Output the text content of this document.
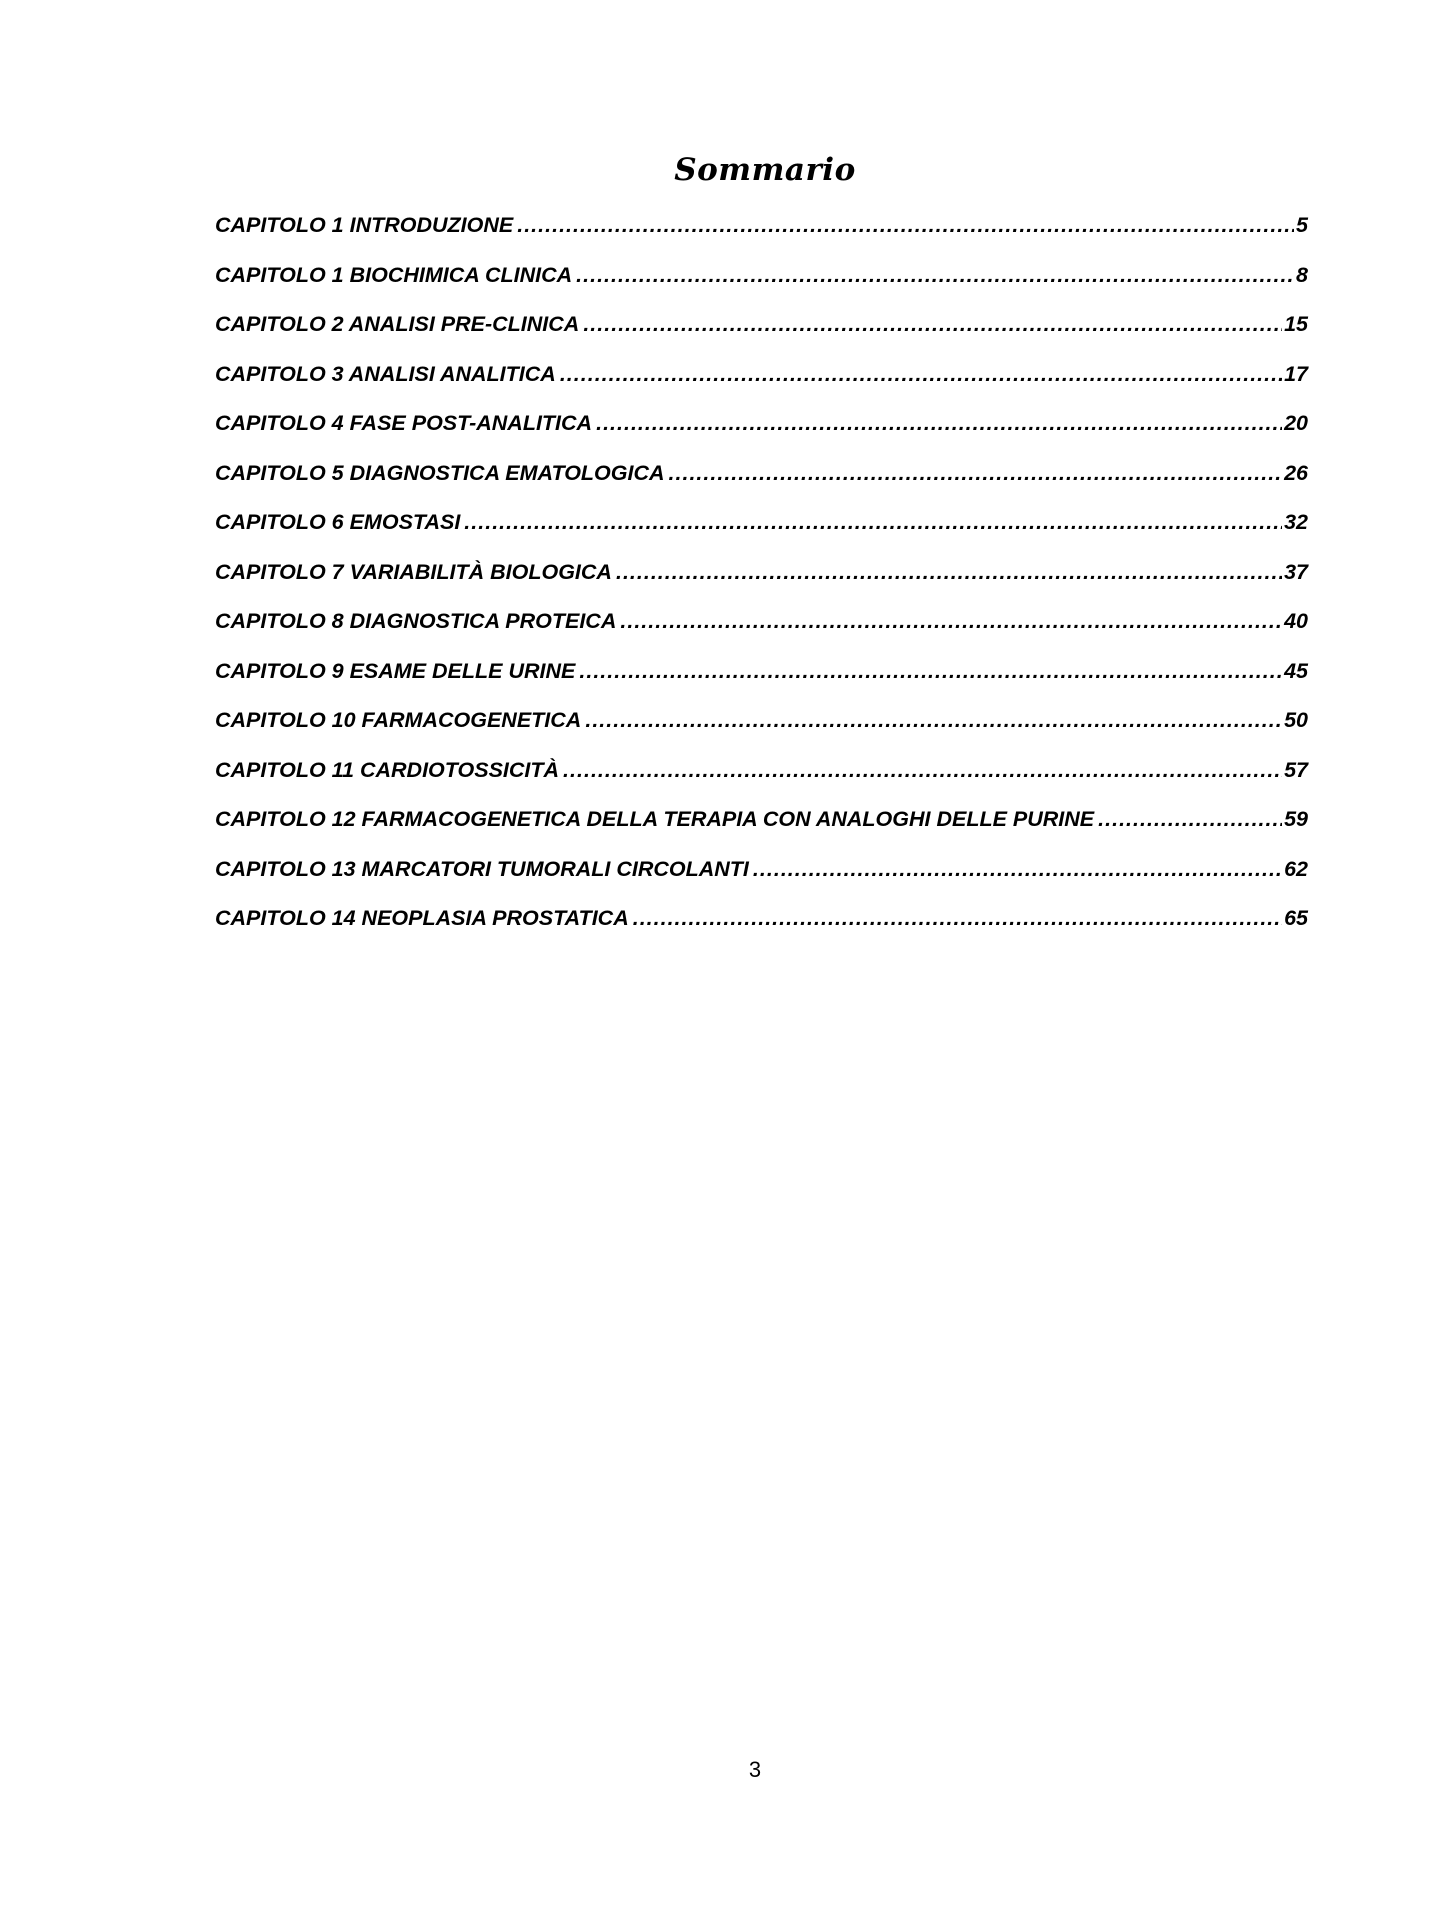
Sommario
CAPITOLO 1 INTRODUZIONE .....	5
CAPITOLO 1 BIOCHIMICA CLINICA .....	8
CAPITOLO 2 ANALISI PRE-CLINICA .....	15
CAPITOLO 3 ANALISI ANALITICA .....	17
CAPITOLO 4 FASE POST-ANALITICA .....	20
CAPITOLO 5 DIAGNOSTICA EMATOLOGICA .....	26
CAPITOLO 6 EMOSTASI .....	32
CAPITOLO 7 VARIABILITÀ BIOLOGICA .....	37
CAPITOLO 8 DIAGNOSTICA PROTEICA .....	40
CAPITOLO 9 ESAME DELLE URINE .....	45
CAPITOLO 10 FARMACOGENETICA .....	50
CAPITOLO 11 CARDIOTOSSICITÀ .....	57
CAPITOLO 12 FARMACOGENETICA DELLA TERAPIA CON ANALOGHI DELLE PURINE .....	59
CAPITOLO 13 MARCATORI TUMORALI CIRCOLANTI .....	62
CAPITOLO 14 NEOPLASIA PROSTATICA .....	65
3
